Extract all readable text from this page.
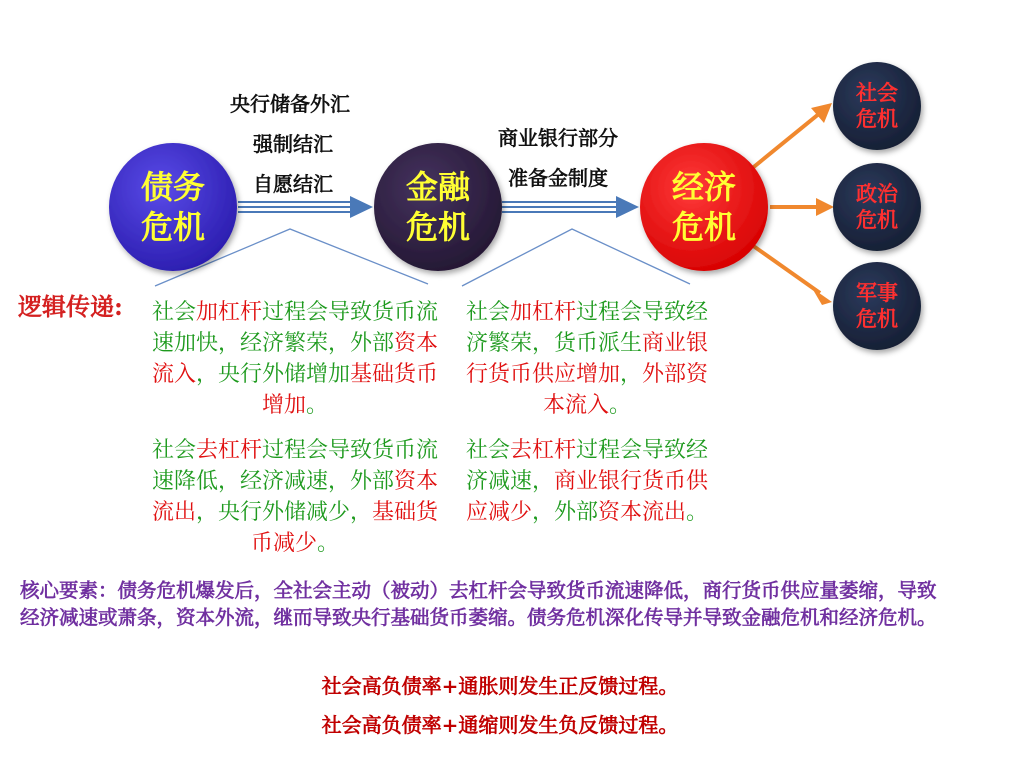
债务
危机
金融
危机
经济
危机
社会
危机
政治
危机
军事
危机
央行储备外汇
强制结汇
自愿结汇
商业银行部分
准备金制度
逻辑传递: 社会加杠杆过程会导致货币流速加快，经济繁荣，外部资本流入，央行外储增加基础货币增加。
社会加杠杆过程会导致经济繁荣，货币派生商业银行货币供应增加，外部资本流入。
社会去杠杆过程会导致货币流速降低，经济减速，外部资本流出，央行外储减少，基础货币减少。
社会去杠杆过程会导致经济减速，商业银行货币供应减少，外部资本流出。
核心要素：债务危机爆发后，全社会主动（被动）去杠杆会导致货币流速降低，商行货币供应量萎缩，导致经济减速或萧条，资本外流，继而导致央行基础货币萎缩。债务危机深化传导并导致金融危机和经济危机。
社会高负债率+通胀则发生正反馈过程。
社会高负债率+通缩则发生负反馈过程。
